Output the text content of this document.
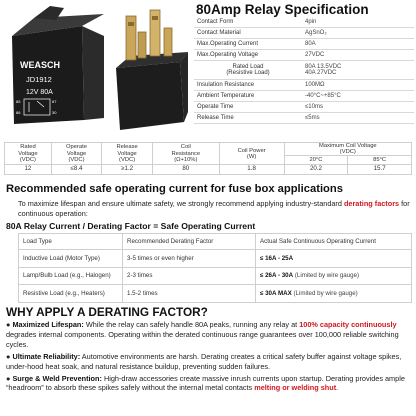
WEASCH
JD1912
12V 80A
87
30
85
86
80Amp Relay Specification
Contact Form	4pin
Contact Material	AgSnO₂
Max.Operating Current	80A
Max.Operating Voltage	27VDC
Rated Load
(Resistive Load)	80A 13.5VDC
40A 27VDC
Insulation Resistance	100MΩ
Ambient Temperature	-40°C~+85°C
Operate Time	≤10ms
Release Time	≤5ms
Rated
Voltage
(VDC)	Operate
Voltage
(VDC)	Release
Voltage
(VDC)	Coil
Resistance
(Ω+10%)	Coil Power
(W)	Maximum Coil Voltage
(VDC)	
					20°C	85°C
12	≤8.4	≥1.2	80	1.8	20.2	15.7
Recommended safe operating current for fuse box applications
To maximize lifespan and ensure ultimate safety, we strongly recommend applying industry-standard derating factors for continuous operation:
80A Relay Current / Derating Factor = Safe Operating Current
Load Type	Recommended Derating Factor	Actual Safe Continuous Operating Current
Inductive Load (Motor Type)	3-5 times or even higher	≤ 16A - 25A
Lamp/Bulb Load (e.g., Halogen)	2-3 times	≤ 26A - 30A (Limited by wire gauge)
Resistive Load (e.g., Heaters)	1.5-2 times	≤ 30A MAX (Limited by wire gauge)
WHY APPLY A DERATING FACTOR?

● Maximized Lifespan: While the relay can safely handle 80A peaks, running any relay at 100% capacity continuously degrades internal components. Operating within the derated continuous range guarantees over 100,000 reliable switching cycles.

● Ultimate Reliability: Automotive environments are harsh. Derating creates a critical safety buffer against voltage spikes, under-hood heat soak, and natural resistance buildup, preventing sudden failures.

● Surge & Weld Prevention: High-draw accessories create massive inrush currents upon startup. Derating provides ample “headroom” to absorb these spikes safely without the internal metal contacts melting or welding shut.
